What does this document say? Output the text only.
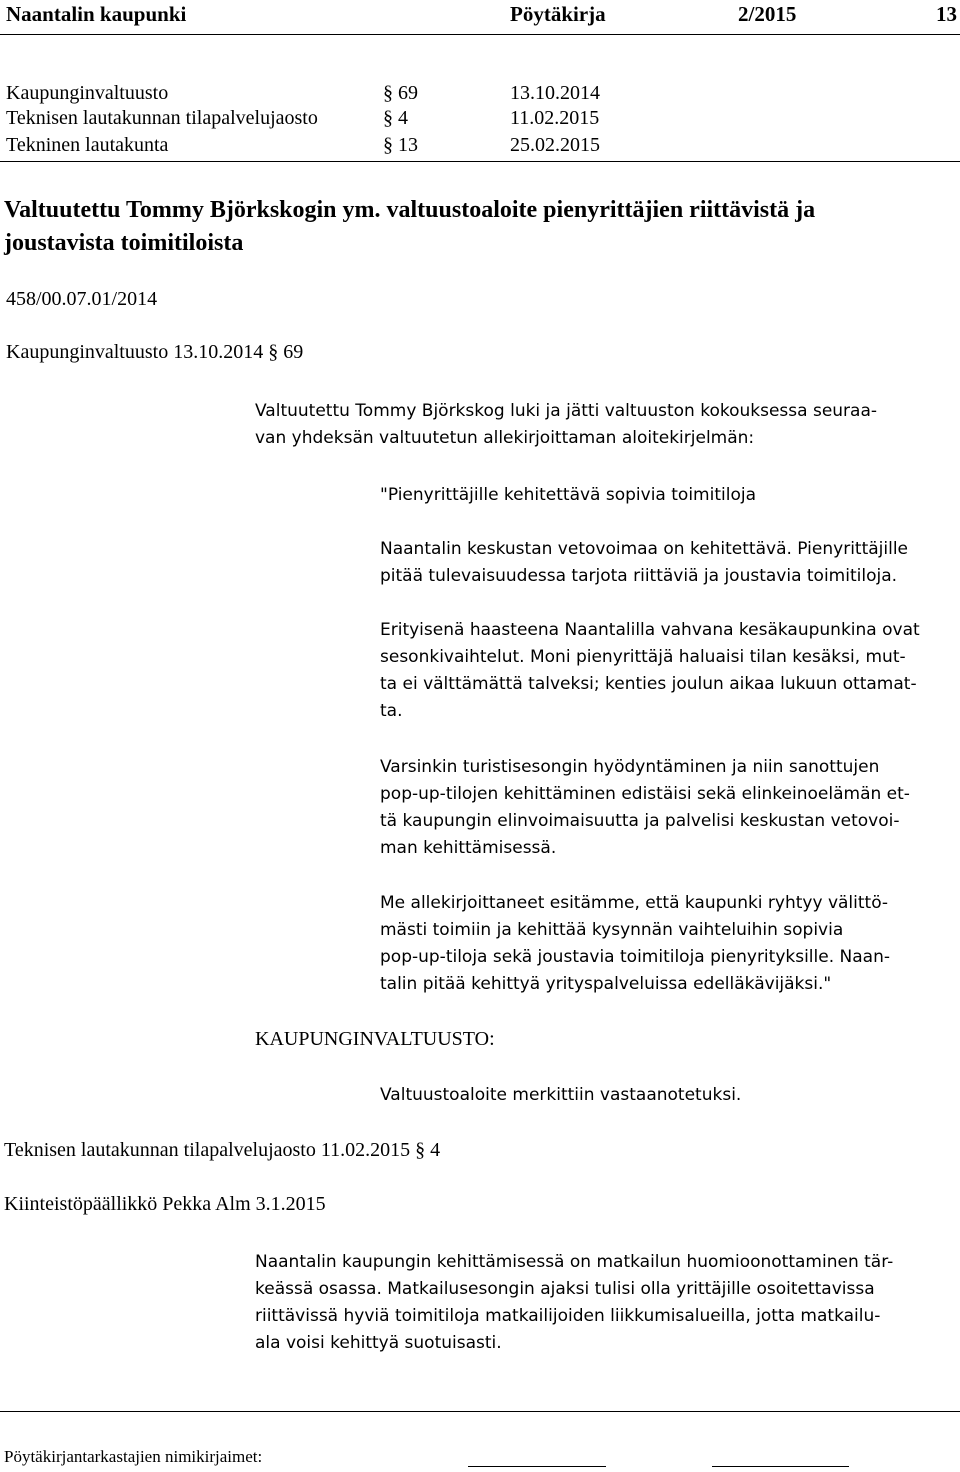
Naantalin kaupunki	Pöytäkirja	2/2015	13
Kaupunginvaltuusto	§ 69	13.10.2014
Teknisen lautakunnan tilapalvelujaosto	§ 4	11.02.2015
Tekninen lautakunta	§ 13	25.02.2015
Valtuutettu Tommy Björkskogin ym. valtuustoaloite pienyrittäjien riittävistä ja
joustavista toimitiloista
458/00.07.01/2014
Kaupunginvaltuusto 13.10.2014 § 69
Valtuutettu Tommy Björkskog luki ja jätti valtuuston kokouksessa seuraa-
van yhdeksän valtuutetun allekirjoittaman aloitekirjelmän:
"Pienyrittäjille kehitettävä sopivia toimitiloja
Naantalin keskustan vetovoimaa on kehitettävä. Pienyrittäjille
pitää tulevaisuudessa tarjota riittäviä ja joustavia toimitiloja.
Erityisenä haasteena Naantalilla vahvana kesäkaupunkina ovat
sesonkivaihtelut. Moni pienyrittäjä haluaisi tilan kesäksi, mut-
ta ei välttämättä talveksi; kenties joulun aikaa lukuun ottamat-
ta.
Varsinkin turistisesongin hyödyntäminen ja niin sanottujen
pop-up-tilojen kehittäminen edistäisi sekä elinkeinoelämän et-
tä kaupungin elinvoimaisuutta ja palvelisi keskustan vetovoi-
man kehittämisessä.
Me allekirjoittaneet esitämme, että kaupunki ryhtyy välittö-
mästi toimiin ja kehittää kysynnän vaihteluihin sopivia
pop-up-tiloja sekä joustavia toimitiloja pienyrityksille. Naan-
talin pitää kehittyä yrityspalveluissa edelläkävijäksi."
KAUPUNGINVALTUUSTO:
Valtuustoaloite merkittiin vastaanotetuksi.
Teknisen lautakunnan tilapalvelujaosto 11.02.2015 § 4
Kiinteistöpäällikkö Pekka Alm 3.1.2015
Naantalin kaupungin kehittämisessä on matkailun huomioonottaminen tär-
keässä osassa. Matkailusesongin ajaksi tulisi olla yrittäjille osoitettavissa
riittävissä hyviä toimitiloja matkailijoiden liikkumisalueilla, jotta matkailu-
ala voisi kehittyä suotuisasti.
Pöytäkirjantarkastajien nimikirjaimet:
